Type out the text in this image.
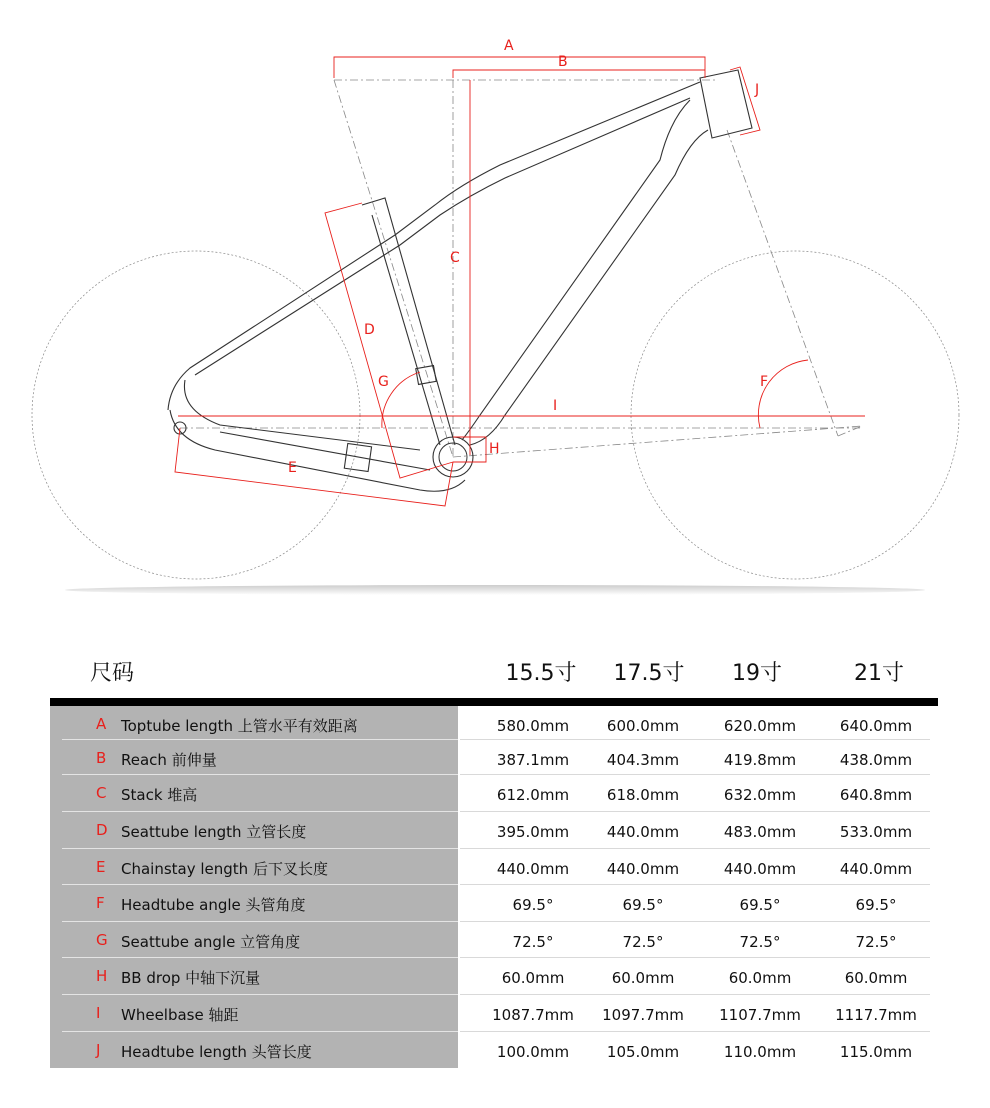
A
B
C
D
E
F
G
H
I
J
尺码	15.5寸	17.5寸	19寸	21寸
A Toptube length 上管水平有效距离	580.0mm	600.0mm	620.0mm	640.0mm
B Reach 前伸量	387.1mm	404.3mm	419.8mm	438.0mm
C Stack 堆高	612.0mm	618.0mm	632.0mm	640.8mm
D Seattube length 立管长度	395.0mm	440.0mm	483.0mm	533.0mm
E Chainstay length 后下叉长度	440.0mm	440.0mm	440.0mm	440.0mm
F Headtube angle 头管角度	69.5°	69.5°	69.5°	69.5°
G Seattube angle 立管角度	72.5°	72.5°	72.5°	72.5°
H BB drop 中轴下沉量	60.0mm	60.0mm	60.0mm	60.0mm
I Wheelbase 轴距	1087.7mm	1097.7mm	1107.7mm	1117.7mm
J Headtube length 头管长度	100.0mm	105.0mm	110.0mm	115.0mm
